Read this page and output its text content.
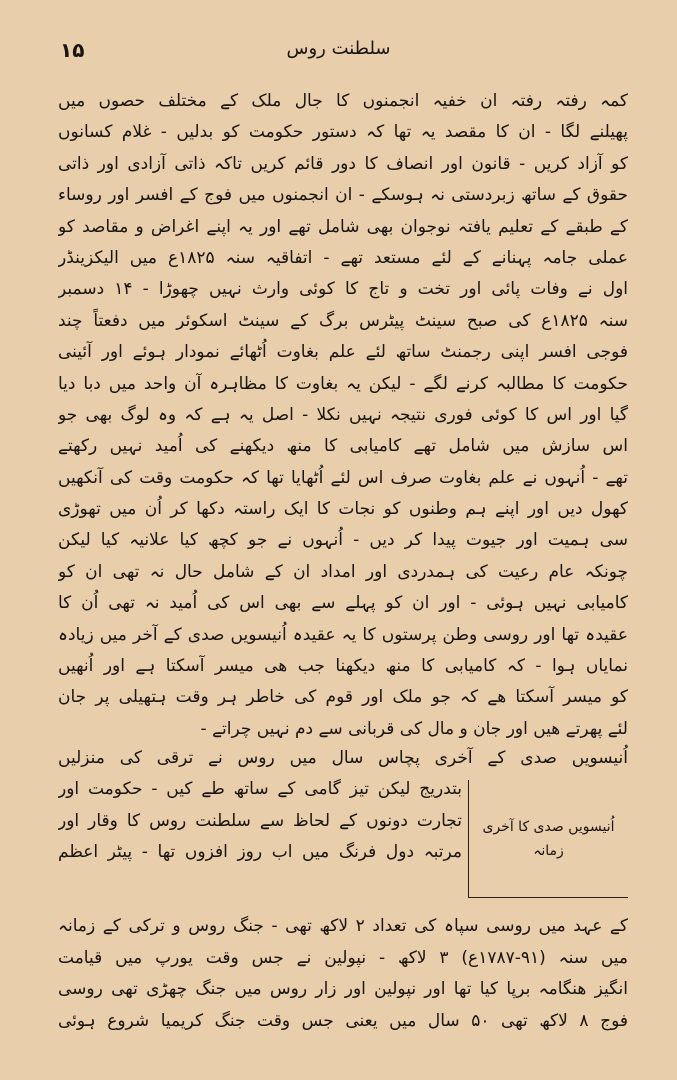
۱۵	سلطنت روس
کمہ رفتہ رفتہ ان خفیہ انجمنوں کا جال ملک کے مختلف حصوں میں
پھیلنے لگا - ان کا مقصد یہ تھا کہ دستور حکومت کو بدلیں - غلام کسانوں
کو آزاد کریں - قانون اور انصاف کا دور قائم کریں تاکہ ذاتی آزادی اور ذاتی
حقوق کے ساتھ زبردستی نہ ہوسکے - ان انجمنوں میں فوج کے افسر اور روساء
کے طبقے کے تعلیم یافتہ نوجوان بھی شامل تھے اور یہ اپنے اغراض و مقاصد کو
عملی جامہ پہنانے کے لئے مستعد تھے - اتفاقیہ سنہ ۱۸۲۵ع میں الیکزینڈر
اول نے وفات پائی اور تخت و تاج کا کوئی وارث نہیں چھوڑا - ۱۴ دسمبر
سنہ ۱۸۲۵ع کی صبح سینٹ پیٹرس برگ کے سینٹ اسکوئر میں دفعتاً چند
فوجی افسر اپنی رجمنٹ ساتھ لئے علم بغاوت اُٹھائے نمودار ہوئے اور آئینی
حکومت کا مطالبہ کرنے لگے - لیکن یہ بغاوت کا مظاہرہ آن واحد میں دبا دیا
گیا اور اس کا کوئی فوری نتیجہ نہیں نکلا - اصل یہ ہے کہ وہ لوگ بھی جو
اس سازش میں شامل تھے کامیابی کا منھ دیکھنے کی اُمید نہیں رکھتے
تھے - اُنہوں نے علم بغاوت صرف اس لئے اُٹھایا تھا کہ حکومت وقت کی آنکھیں
کھول دیں اور اپنے ہم وطنوں کو نجات کا ایک راستہ دکھا کر اُن میں تھوڑی
سی ہمیت اور جیوت پیدا کر دیں - اُنہوں نے جو کچھ کیا علانیہ کیا لیکن
چونکہ عام رعیت کی ہمدردی اور امداد ان کے شامل حال نہ تھی ان کو
کامیابی نہیں ہوئی - اور ان کو پہلے سے بھی اس کی اُمید نہ تھی اُن کا
عقیدہ تھا اور روسی وطن پرستوں کا یہ عقیدہ اُنیسویں صدی کے آخر میں زیادہ
نمایاں ہوا - کہ کامیابی کا منھ دیکھنا جب ھی میسر آسکتا ہے اور اُنھیں
کو میسر آسکتا ھے کہ جو ملک اور قوم کی خاطر ہر وقت ہتھیلی پر جان
لئے پھرتے ھیں اور جان و مال کی قربانی سے دم نہیں چراتے -
اُنیسویں صدی کے آخری پچاس سال میں روس نے ترقی کی منزلیں
بتدریج لیکن تیز گامی کے ساتھ طے کیں - حکومت اور
تجارت دونوں کے لحاظ سے سلطنت روس کا وقار اور
مرتبہ دول فرنگ میں اب روز افزوں تھا - پیٹر اعظم
اُنیسویں صدی کا آخری
زمانہ
کے عہد میں روسی سپاہ کی تعداد ۲ لاکھ تھی - جنگ روس و ترکی کے زمانہ
میں سنہ (۹۱-۱۷۸۷ع) ۳ لاکھ - نپولین نے جس وقت یورپ میں قیامت
انگیز ھنگامہ برپا کیا تھا اور نپولین اور زار روس میں جنگ چھڑی تھی روسی
فوج ۸ لاکھ تھی ۵۰ سال میں یعنی جس وقت جنگ کریمیا شروع ہوئی
